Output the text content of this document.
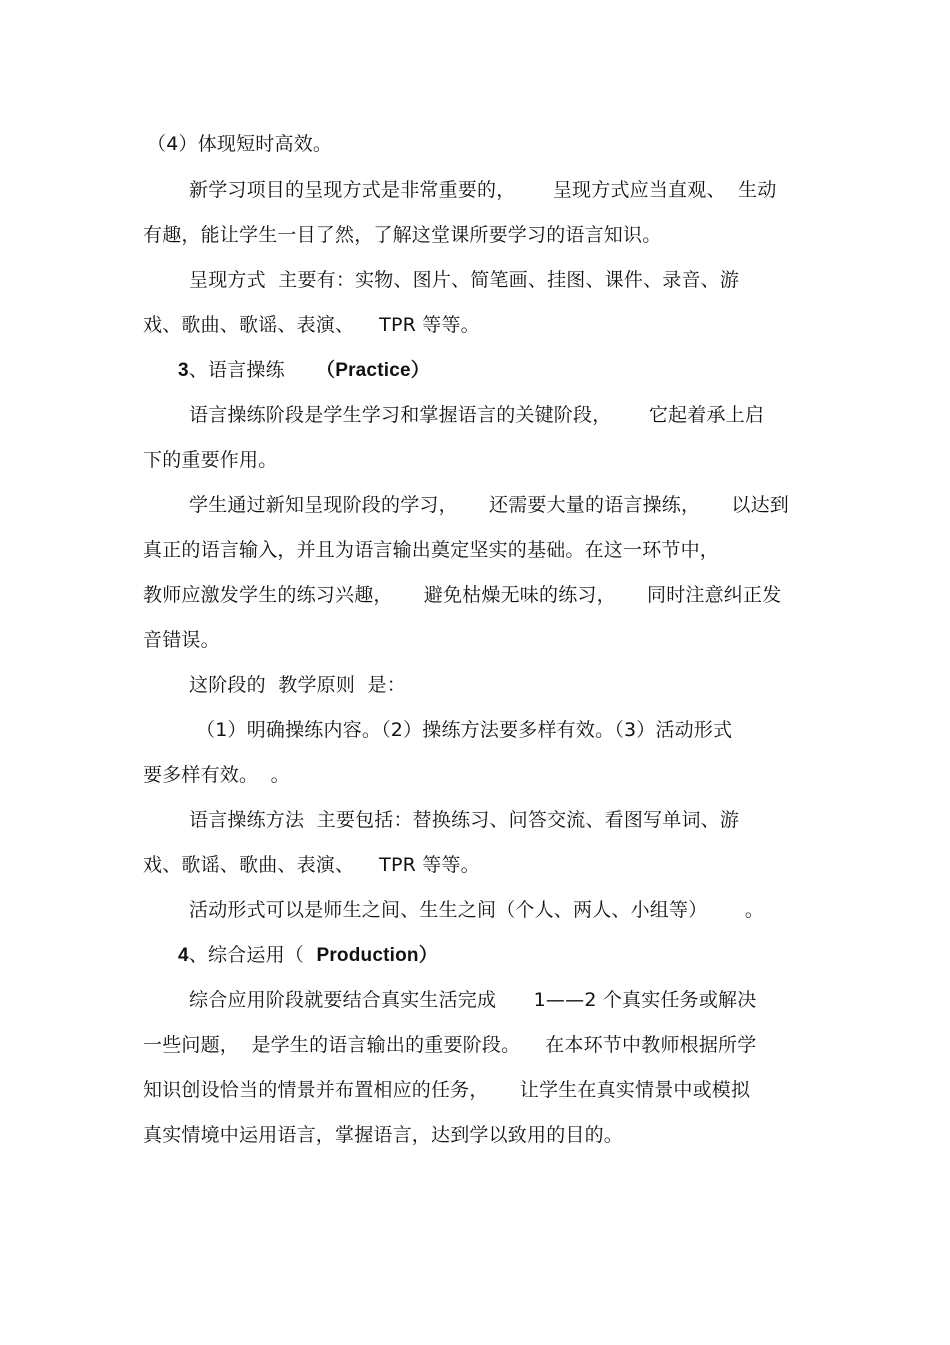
（4）体现短时高效。
新学习项目的呈现方式是非常重要的，      呈现方式应当直观、  生动
有趣，能让学生一目了然，了解这堂课所要学习的语言知识。
呈现方式  主要有：实物、图片、简笔画、挂图、课件、录音、游
戏、歌曲、歌谣、表演、    TPR 等等。
3、语言操练 （Practice）
语言操练阶段是学生学习和掌握语言的关键阶段，      它起着承上启
下的重要作用。
学生通过新知呈现阶段的学习，     还需要大量的语言操练，     以达到
真正的语言输入，并且为语言输出奠定坚实的基础。在这一环节中，
教师应激发学生的练习兴趣，     避免枯燥无味的练习，     同时注意纠正发
音错误。
这阶段的  教学原则  是：
（1）明确操练内容。（2）操练方法要多样有效。（3）活动形式
要多样有效。  。
语言操练方法  主要包括：替换练习、问答交流、看图写单词、游
戏、歌谣、歌曲、表演、    TPR 等等。
活动形式可以是师生之间、生生之间（个人、两人、小组等）      。
4、综合运用（ Production）
综合应用阶段就要结合真实生活完成      1——2 个真实任务或解决
一些问题，  是学生的语言输出的重要阶段。    在本环节中教师根据所学
知识创设恰当的情景并布置相应的任务，     让学生在真实情景中或模拟
真实情境中运用语言，掌握语言，达到学以致用的目的。
